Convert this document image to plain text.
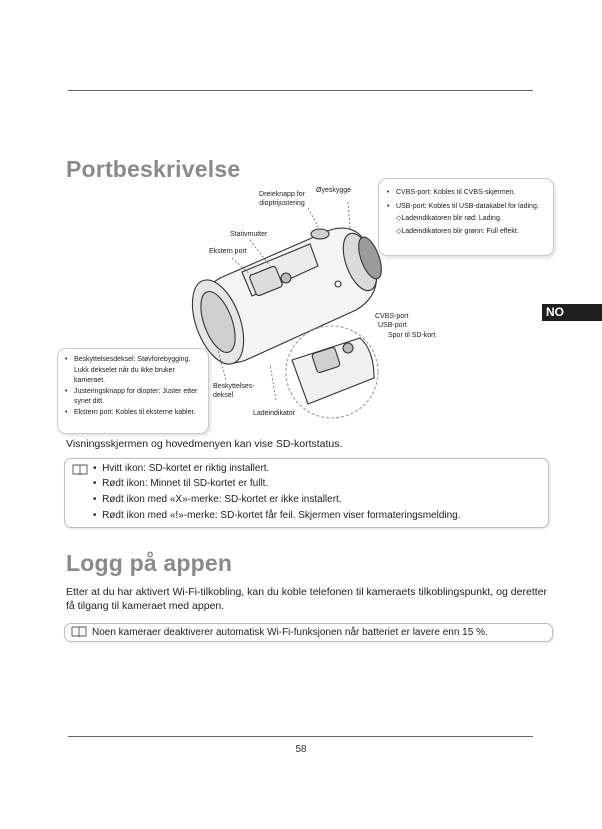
Portbeskrivelse
NO
• CVBS-port: Kobles til CVBS-skjermen.
• USB-port: Kobles til USB-datakabel for lading.
◇Ladeindikatoren blir rød: Lading.
◇Ladeindikatoren blir grønn: Full effekt.
• Beskyttelsesdeksel: Støvforebygging. Lukk dekselet når du ikke bruker kameraet.
• Justeringsknapp for diopter: Juster etter synet ditt.
• Ekstern port: Kobles til eksterne kabler.
Dreieknapp for
dioptrijustering
Øyeskygge
Stativmutter
Ekstern port
CVBS-port
USB-port
Spor til SD-kort
Beskyttelses-
deksel
Ladeindikator
Visningsskjermen og hovedmenyen kan vise SD-kortstatus.
•  Hvitt ikon: SD-kortet er riktig installert.
•  Rødt ikon: Minnet til SD-kortet er fullt.
•  Rødt ikon med «X»-merke: SD-kortet er ikke installert.
•  Rødt ikon med «!»-merke: SD-kortet får feil. Skjermen viser formateringsmelding.
Logg på appen
Etter at du har aktivert Wi-Fi-tilkobling, kan du koble telefonen til kameraets tilkoblingspunkt, og deretter få tilgang til kameraet med appen.
Noen kameraer deaktiverer automatisk Wi-Fi-funksjonen når batteriet er lavere enn 15 %.
58
